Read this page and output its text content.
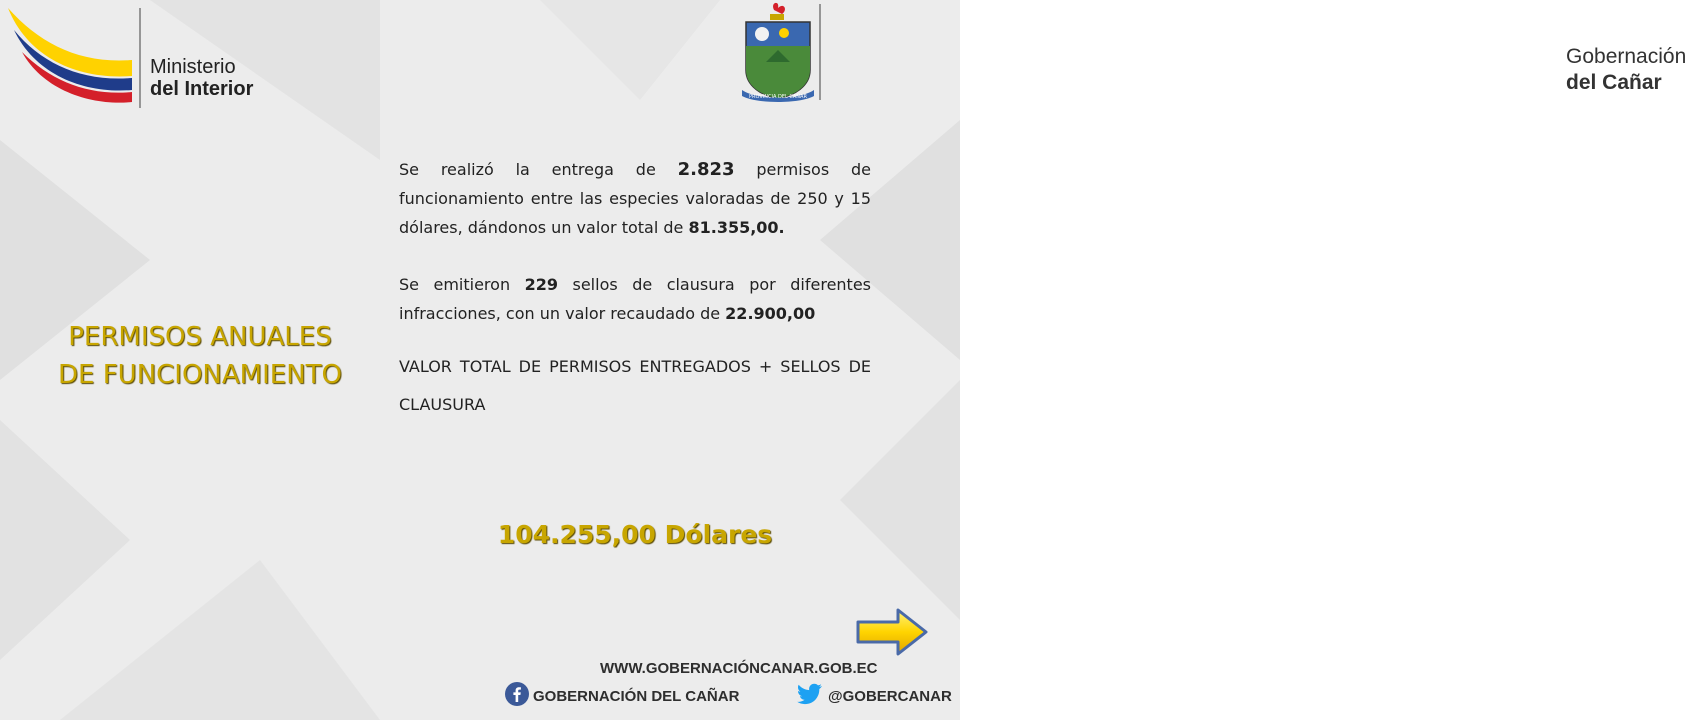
Ministerio
del Interior	PROVINCIA DEL CAÑAR
Gobernación
del Cañar
PERMISOS ANUALES
DE FUNCIONAMIENTO

Se realizó la entrega de 2.823 permisos de funcionamiento entre las especies valoradas de 250 y 15 dólares, dándonos un valor total de 81.355,00.

Se emitieron 229 sellos de clausura por diferentes infracciones, con un valor recaudado de 22.900,00

VALOR TOTAL DE PERMISOS ENTREGADOS + SELLOS DE CLAUSURA

104.255,00 Dólares
WWW.GOBERNACIÓNCANAR.GOB.EC
GOBERNACIÓN DEL CAÑAR	@GOBERCANAR
